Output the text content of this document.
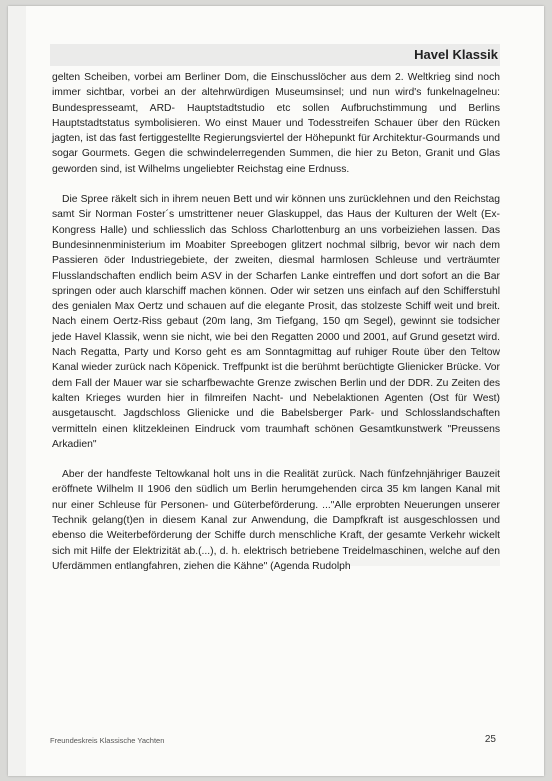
Havel Klassik

gelten Scheiben, vorbei am Berliner Dom, die Einschusslöcher aus dem 2. Weltkrieg sind noch immer sichtbar, vorbei an der altehrwürdigen Museumsinsel; und nun wird's funkelnagelneu: Bundespresseamt, ARD- Hauptstadtstudio etc sollen Aufbruchstimmung und Berlins Hauptstadtstatus symbolisieren. Wo einst Mauer und Todesstreifen Schauer über den Rücken jagten, ist das fast fertiggestellte Regierungsviertel der Höhepunkt für Architektur-Gourmands und sogar Gourmets. Gegen die schwindelerregenden Summen, die hier zu Beton, Granit und Glas geworden sind, ist Wilhelms ungeliebter Reichstag eine Erdnuss.

Die Spree räkelt sich in ihrem neuen Bett und wir können uns zurücklehnen und den Reichstag samt Sir Norman Foster´s umstrittener neuer Glaskuppel, das Haus der Kulturen der Welt (Ex-Kongress Halle) und schliesslich das Schloss Charlottenburg an uns vorbeiziehen lassen. Das Bundesinnenministerium im Moabiter Spreebogen glitzert nochmal silbrig, bevor wir nach dem Passieren öder Industriegebiete, der zweiten, diesmal harmlosen Schleuse und verträumter Flusslandschaften endlich beim ASV in der Scharfen Lanke eintreffen und dort sofort an die Bar springen oder auch klarschiff machen können. Oder wir setzen uns einfach auf den Schifferstuhl des genialen Max Oertz und schauen auf die elegante Prosit, das stolzeste Schiff weit und breit. Nach einem Oertz-Riss gebaut (20m lang, 3m Tiefgang, 150 qm Segel), gewinnt sie todsicher jede Havel Klassik, wenn sie nicht, wie bei den Regatten 2000 und 2001, auf Grund gesetzt wird. Nach Regatta, Party und Korso geht es am Sonntagmittag auf ruhiger Route über den Teltow Kanal wieder zurück nach Köpenick. Treffpunkt ist die berühmt berüchtigte Glienicker Brücke. Vor dem Fall der Mauer war sie scharfbewachte Grenze zwischen Berlin und der DDR. Zu Zeiten des kalten Krieges wurden hier in filmreifen Nacht- und Nebelaktionen Agenten (Ost für West) ausgetauscht. Jagdschloss Glienicke und die Babelsberger Park- und Schlosslandschaften vermitteln einen klitzekleinen Eindruck vom traumhaft schönen Gesamtkunstwerk "Preussens Arkadien"

Aber der handfeste Teltowkanal holt uns in die Realität zurück. Nach fünfzehnjähriger Bauzeit eröffnete Wilhelm II 1906 den südlich um Berlin herumgehenden circa 35 km langen Kanal mit nur einer Schleuse für Personen- und Güterbeförderung. ..."Alle erprobten Neuerungen unserer Technik gelang(t)en in diesem Kanal zur Anwendung, die Dampfkraft ist ausgeschlossen und ebenso die Weiterbeförderung der Schiffe durch menschliche Kraft, der gesamte Verkehr wickelt sich mit Hilfe der Elektrizität ab.(...), d. h. elektrisch betriebene Treidelmaschinen, welche auf den Uferdämmen entlangfahren, ziehen die Kähne" (Agenda Rudolph

Freundeskreis Klassische Yachten	25
